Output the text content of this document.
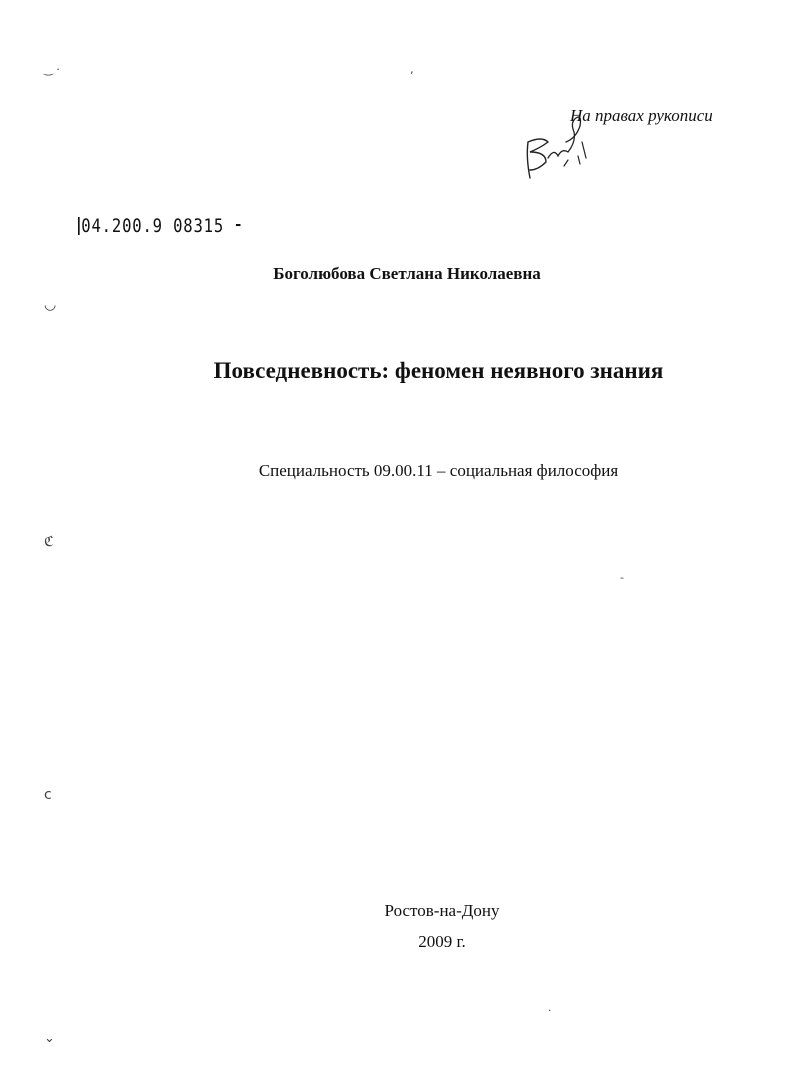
‿ ·	,
◡
ℭ
ⅽ
‐
·
⌄

На правах рукописи

04.200.9 08315 ⁃

Боголюбова Светлана Николаевна

Повседневность: феномен неявного знания

Специальность 09.00.11 – социальная философия

Ростов-на-Дону

2009 г.
